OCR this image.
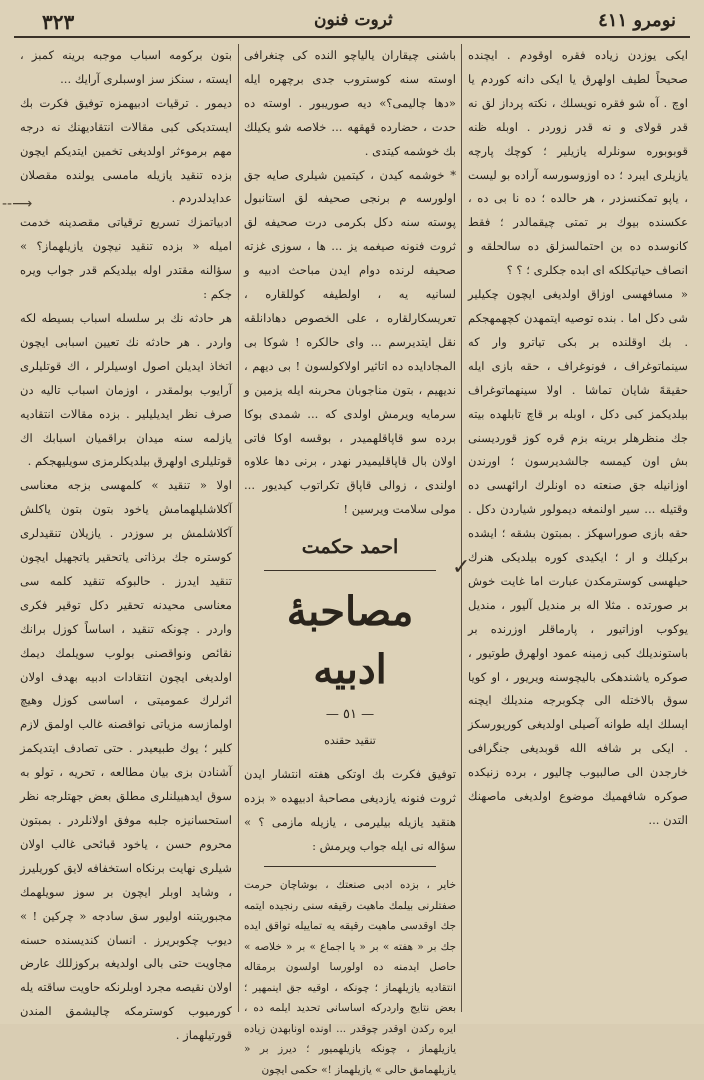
٣٢٣	ثروت فنون	نومرو ٤١١

ایکی یوزدن زیاده فقره اوقودم . ایچنده صحیحاً لطیف اولهرق یا ایکی دانه کوردم یا اوچ . آه شو فقره نویسلك ، نکته پرداز لق نه قدر قولای و نه قدر زوردر . اوبله ظنه قوبوبوره سونلرله یازیلیر ؛ کوچك پارچه یازیلری ایبرد ؛ ده اوزوسورسه آراده بو لیست ، یاپو تمکنسزدر ، هر حالده ؛ ده نا بی ده ، عکسنده بیوك بر تمتی چیقمالدر ؛ فقط کانوسده ده بن احتمالسزلق ده سالحلقه و انصاف حیاتیکلکه ای ابده جکلری ؛ ؟ ؟

« مسافهسی اوزاق اولدیغی ایچون چکیلیر شی دکل اما . بنده توصیه ایتمهدن کچهمهجکم . بك اوقلنده بر بکی تیاترو وار که سینماتوغراف ، فونوغراف ، حقه بازی ایله حقیقهً شایان تماشا . اولا سینهماتوغراف بیلدیکمز کبی دکل ، اوبله بر قاچ تابلهده بیته جك منظرهلر برینه بزم قره کوز قوردیسنی بش اون کیمسه جالشدیرسون ؛ اورندن اوزانیله جق صنعته ده اونلرك ارائهسی ده وقتیله ... سیر اولنمغه دیمولور شیاردن دکل . حقه بازی صوراسهکز . بمبتون بشقه ؛ ایشده برکیلك و ار ؛ ایکیدی کوره بیلدیکی هنرك حیلهسی کوسترمکدن عبارت اما غایت خوش بر صورتده . مثلا اله بر منديل آلیور ، منديل یوکوب اوزاتیور ، پارماقلر اوزرنده بر باستوندیلك کبی زمینه عمود اولهرق طوتیور ، صوکره یاشندهکی بالیچوسنه ویریور ، او کویا سوق بالاختله الی چکوبرجه مندیلك ایچنه ایسلك ایله طوانه آصیلی اولدیغی کوریورسکز . ایکی بر شافه الله قوبدیغی جنگرافی خارجدن الی صالبیوب چالیور ، برده زنیکده صوکره شافهمیك موضوع اولدیغی ماصهنك التدن ...

باشنی چیقاران یالیاچو النده کی چنغرافی اوسته سنه کوستروب جدی برچهره ایله «دها چالیمی؟» دیه صوریبور . اوسته ده حدت ، حضارده قهقهه ... خلاصه شو یکیلك بك خوشمه کیتدی .

* خوشمه کیدن ، کیتمین شیلری صایه جق اولورسه م برنجی صحیفه لق استانبول پوسته سنه دکل بکرمی درت صحیفه لق ثروت فنونه صیغمه یز ... ها ، سوزی غزته صحیفه لرنده دوام ایدن مباحث ادبیه و لسانیه یه ، اولطیفه کوللقاره ، تعریسکارلقاره ، علی الخصوص دهادانلقه نقل ایتدیرسم ... وای حالکره ! شوکا بی المجادایده ده اتاثیر اولاکولسون ! بی دیهم ، ندیهیم ، بتون مناجوبان محربنه ایله یزمین و سرمایه ویرمش اولدی که ... شمدی بوکا برده سو قاپاقلهمیدر ، بوقسه اوکا فاتی اولان بال قاپاقلیمیدر نهدر ، برنی دها علاوه اولندی ، زوالی قاپاق تکراتوب کیدیور ... مولی سلامت ویرسین !

احمد حکمت
مصاحبهٔ ادبیه
— ٥١ —
تنقید حقنده

توفیق فکرت بك اوتکی هفته انتشار ایدن ثروت فنونه یازدیغی مصاحبهٔ ادبیهده « بزده هنقید یازیله بیلیرمی ، یازیله مازمی ؟ » سؤاله نی ایله جواب ویرمش :

خایر ، بزده ادبی صنعتك ، بوشاچان حرمت صفتلرنی بیلمك ماهیت رقیقه سنی رنجیده ایتمه جك اوقدسی ماهیت رقیقه یه تماییله تواقق ایده جك بر « هفته » بر « یا اجماع » بر « خلاصه » حاصل ایدمنه ده اولورسا اولسون برمقاله انتقادیه یازیلهماز ؛ چونکه ، اوقیه جق اینمهیر ؛ بعض نتایج واردرکه اساسانی تحدید ایلمه ده ، ایره رکدن اوقدر چوقدر ... اونده اونابهدن زیاده یازیلهماز ، چونکه یازیلهمیور ؛ دیرز بر « یازیلهمامق حالی » یازیلهماز !» حکمی ایچون

بتون برکومه اسباب موجبه برینه کمبز ، ایسته ، سنکز سز اوسبلری آرایك ...

دیمور . ترقیات ادبیهمزه توفیق فکرت بك ایستدیکی کبی مقالات انتقادیهنك نه درجه مهم برموءثر اولدیغی تخمین ایتدیکم ایچون بزده تنقید یازیله مامسی یولنده مقصلان عدایدلدردم .

ادبیاتمزك تسریع ترقیاتی مقصدینه خدمت امیله « بزده تنقید نیچون یازیلهماز؟ » سؤالنه مقتدر اوله بیلدیکم قدر جواب ویره جکم :

هر حادثه نك بر سلسله اسباب بسیطه لکه واردر . هر حادثه نك تعیین اسبابی ایچون اتخاذ ایدیلن اصول اوسیلرلر ، اك قوتلیلری آرایوب بولمقدر ، اوزمان اسباب تالیه دن صرف نظر ایدیلیلیر . بزده مقالات انتقادیه یازلمه سنه میدان براقمیان اسبابك اك قوتلیلری اولهرق بیلدیکلرمزی سویلیهجکم .

اولا « تنقید » کلمهسی بزجه معناسی آکلاشلیلهمامش یاخود بتون بتون یاکلش آکلاشلمش بر سوزدر . یازیلان تنقیدلری کوستره جك برذاتی یاتحقیر یاتجهیل ایچون تنقید ایدرز . حالبوكه تنقید كلمه سی معناسی محیدنه تحقیر دكل توقیر فكری واردر . چونكه تنقید ، اساساً كوزل برانك نقائص ونواقصنی بولوب سویلمك دیمك اولدیغی ایچون انتقادات ادبیه بهدف اولان اثرلرك عمومیتی ، اساسی كوزل وهیچ اولمازسه مزیاتی نواقصنه غالب اولمق لازم كلیر ؛ یوك طبیعیدر . حتی تصادف ایتدیکمز آشنادن بزی بیان مطالعه ، تحریه ، تولو به سوق ایدهبیلنلری مطلق بعض جهتلرجه نظر استحسانیزه جلبه موفق اولانلردر . بمبتون محروم حسن ، یاخود قبائحی غالب اولان شیلری نهایت برنکاه استخفافه لایق کوریلیرز ، وشاید اوبلر ایچون بر سوز سویلهمك مجبوریتنه اولیور سق سادجه « چرکین ! » دیوب چکوبریرز . انسان کندیسنده حسنه مجاویت حتی بالی اولدیغه برکوزللك عارض اولان نقیصه مجرد اوبلرنکه حاویت ساقته یله کورمیوب کوسترمکه چالیشمق المندن قورتیلهماز .

--⟶
✓
